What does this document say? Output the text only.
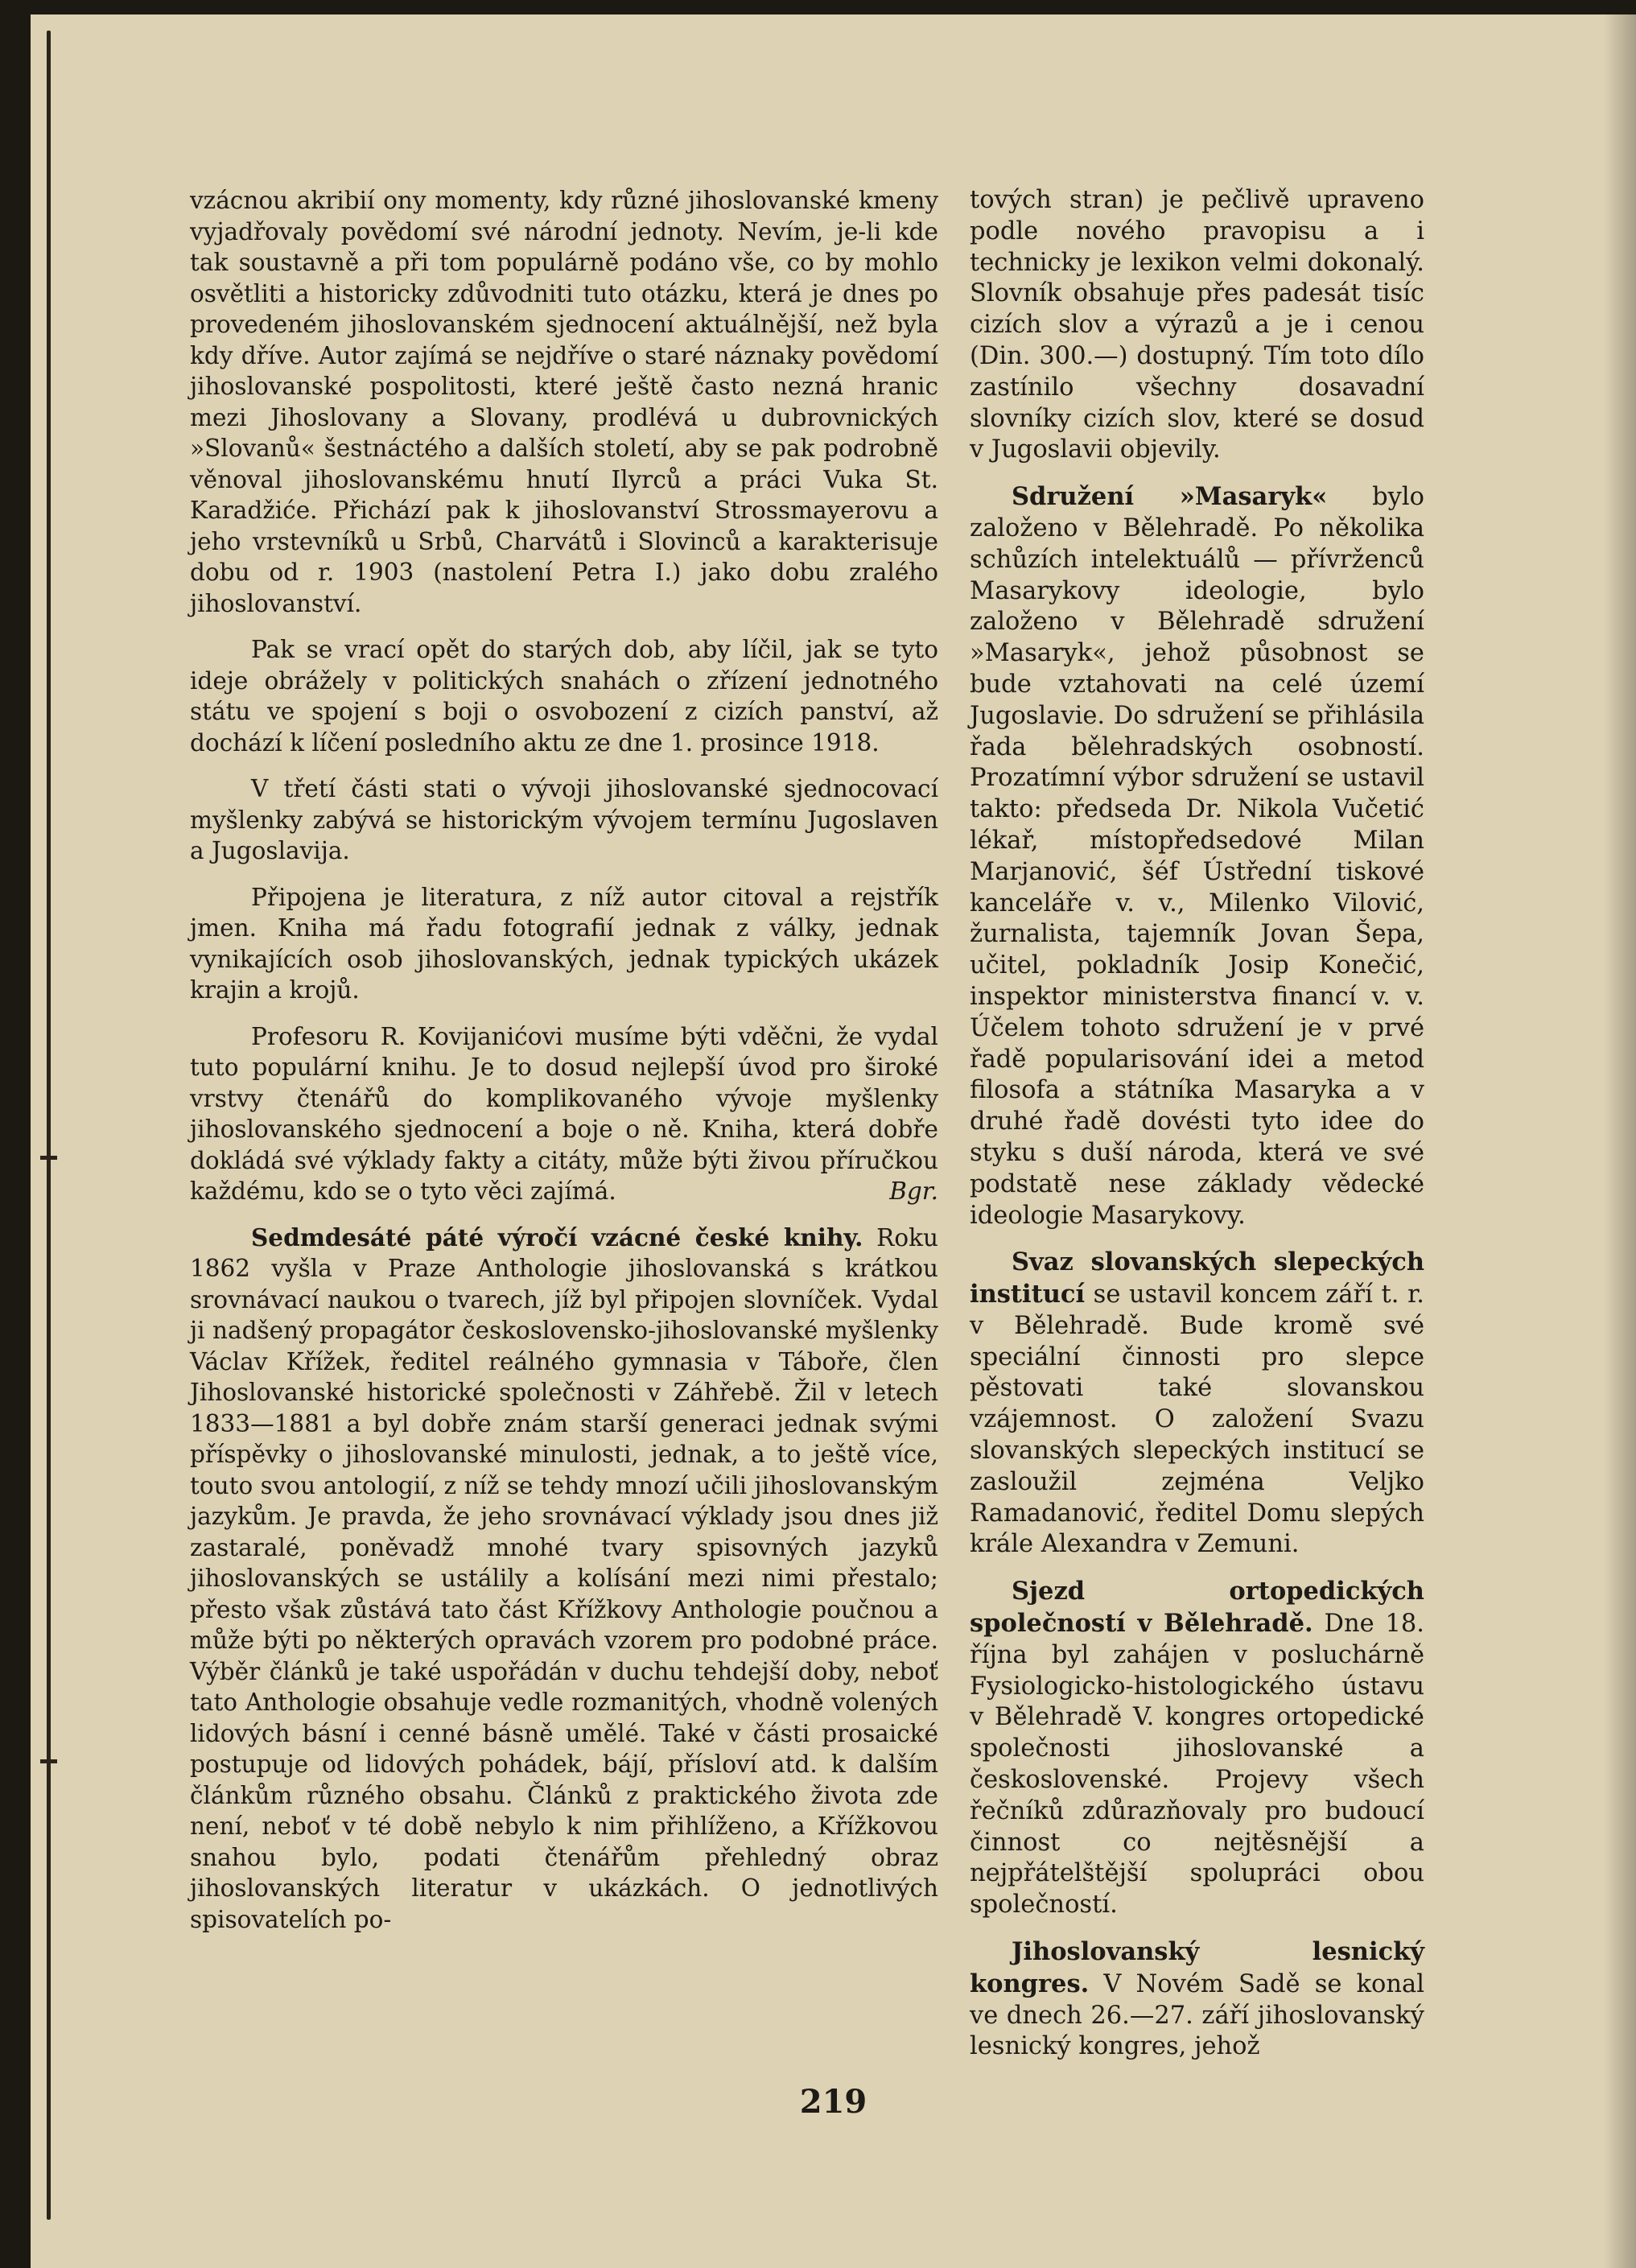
vzácnou akribií ony momenty, kdy různé jihoslovanské kmeny vyjadřovaly povědomí své národní jednoty. Nevím, je-li kde tak soustavně a při tom populárně podáno vše, co by mohlo osvětliti a historicky zdůvodniti tuto otázku, která je dnes po provedeném jihoslovanském sjednocení aktuálnější, než byla kdy dříve. Autor zajímá se nejdříve o staré náznaky povědomí jihoslovanské pospolitosti, které ještě často nezná hranic mezi Jihoslovany a Slovany, prodlévá u dubrovnických »Slovanů« šestnáctého a dalších století, aby se pak podrobně věnoval jihoslovanskému hnutí Ilyrců a práci Vuka St. Karadžiće. Přichází pak k jihoslovanství Strossmayerovu a jeho vrstevníků u Srbů, Charvátů i Slovinců a karakterisuje dobu od r. 1903 (nastolení Petra I.) jako dobu zralého jihoslovanství.

Pak se vrací opět do starých dob, aby líčil, jak se tyto ideje obrážely v politických snahách o zřízení jednotného státu ve spojení s boji o osvobození z cizích panství, až dochází k líčení posledního aktu ze dne 1. prosince 1918.

V třetí části stati o vývoji jihoslovanské sjednocovací myšlenky zabývá se historickým vývojem termínu Jugoslaven a Jugoslavija.

Připojena je literatura, z níž autor citoval a rejstřík jmen. Kniha má řadu fotografií jednak z války, jednak vynikajících osob jihoslovanských, jednak typických ukázek krajin a krojů.

Profesoru R. Kovijanićovi musíme býti vděčni, že vydal tuto populární knihu. Je to dosud nejlepší úvod pro široké vrstvy čtenářů do komplikovaného vývoje myšlenky jihoslovanského sjednocení a boje o ně. Kniha, která dobře dokládá své výklady fakty a citáty, může býti živou příručkou každému, kdo se o tyto věci zajímá.	Bgr.

Sedmdesáté páté výročí vzácné české knihy. Roku 1862 vyšla v Praze Anthologie jihoslovanská s krátkou srovnávací naukou o tvarech, jíž byl připojen slovníček. Vydal ji nadšený propagátor československo-jihoslovanské myšlenky Václav Křížek, ředitel reálného gymnasia v Táboře, člen Jihoslovanské historické společnosti v Záhřebě. Žil v letech 1833—1881 a byl dobře znám starší generaci jednak svými příspěvky o jihoslovanské minulosti, jednak, a to ještě více, touto svou antologií, z níž se tehdy mnozí učili jihoslovanským jazykům. Je pravda, že jeho srovnávací výklady jsou dnes již zastaralé, poněvadž mnohé tvary spisovných jazyků jihoslovanských se ustálily a kolísání mezi nimi přestalo; přesto však zůstává tato část Křížkovy Anthologie poučnou a může býti po některých opravách vzorem pro podobné práce. Výběr článků je také uspořádán v duchu tehdejší doby, neboť tato Anthologie obsahuje vedle rozmanitých, vhodně volených lidových básní i cenné básně umělé. Také v části prosaické postupuje od lidových pohádek, bájí, přísloví atd. k dalším článkům různého obsahu. Článků z praktického života zde není, neboť v té době nebylo k nim přihlíženo, a Křížkovou snahou bylo, podati čtenářům přehledný obraz jihoslovanských literatur v ukázkách. O jednotlivých spisovatelích po-

tových stran) je pečlivě upraveno podle nového pravopisu a i technicky je lexikon velmi dokonalý. Slovník obsahuje přes padesát tisíc cizích slov a výrazů a je i cenou (Din. 300.—) dostupný. Tím toto dílo zastínilo všechny dosavadní slovníky cizích slov, které se dosud v Jugoslavii objevily.

Sdružení »Masaryk« bylo založeno v Bělehradě. Po několika schůzích intelektuálů — přívrženců Masarykovy ideologie, bylo založeno v Bělehradě sdružení »Masaryk«, jehož působnost se bude vztahovati na celé území Jugoslavie. Do sdružení se přihlásila řada bělehradských osobností. Prozatímní výbor sdružení se ustavil takto: předseda Dr. Nikola Vučetić lékař, místopředsedové Milan Marjanović, šéf Ústřední tiskové kanceláře v. v., Milenko Vilović, žurnalista, tajemník Jovan Šepa, učitel, pokladník Josip Konečić, inspektor ministerstva financí v. v. Účelem tohoto sdružení je v prvé řadě popularisování idei a metod filosofa a státníka Masaryka a v druhé řadě dovésti tyto idee do styku s duší národa, která ve své podstatě nese základy vědecké ideologie Masarykovy.

Svaz slovanských slepeckých institucí se ustavil koncem září t. r. v Bělehradě. Bude kromě své speciální činnosti pro slepce pěstovati také slovanskou vzájemnost. O založení Svazu slovanských slepeckých institucí se zasloužil zejména Veljko Ramadanović, ředitel Domu slepých krále Alexandra v Zemuni.

Sjezd ortopedických společností v Bělehradě. Dne 18. října byl zahájen v posluchárně Fysiologicko-histologického ústavu v Bělehradě V. kongres ortopedické společnosti jihoslovanské a československé. Projevy všech řečníků zdůrazňovaly pro budoucí činnost co nejtěsnější a nejpřátelštější spolupráci obou společností.

Jihoslovanský lesnický kongres. V Novém Sadě se konal ve dnech 26.—27. září jihoslovanský lesnický kongres, jehož

219
